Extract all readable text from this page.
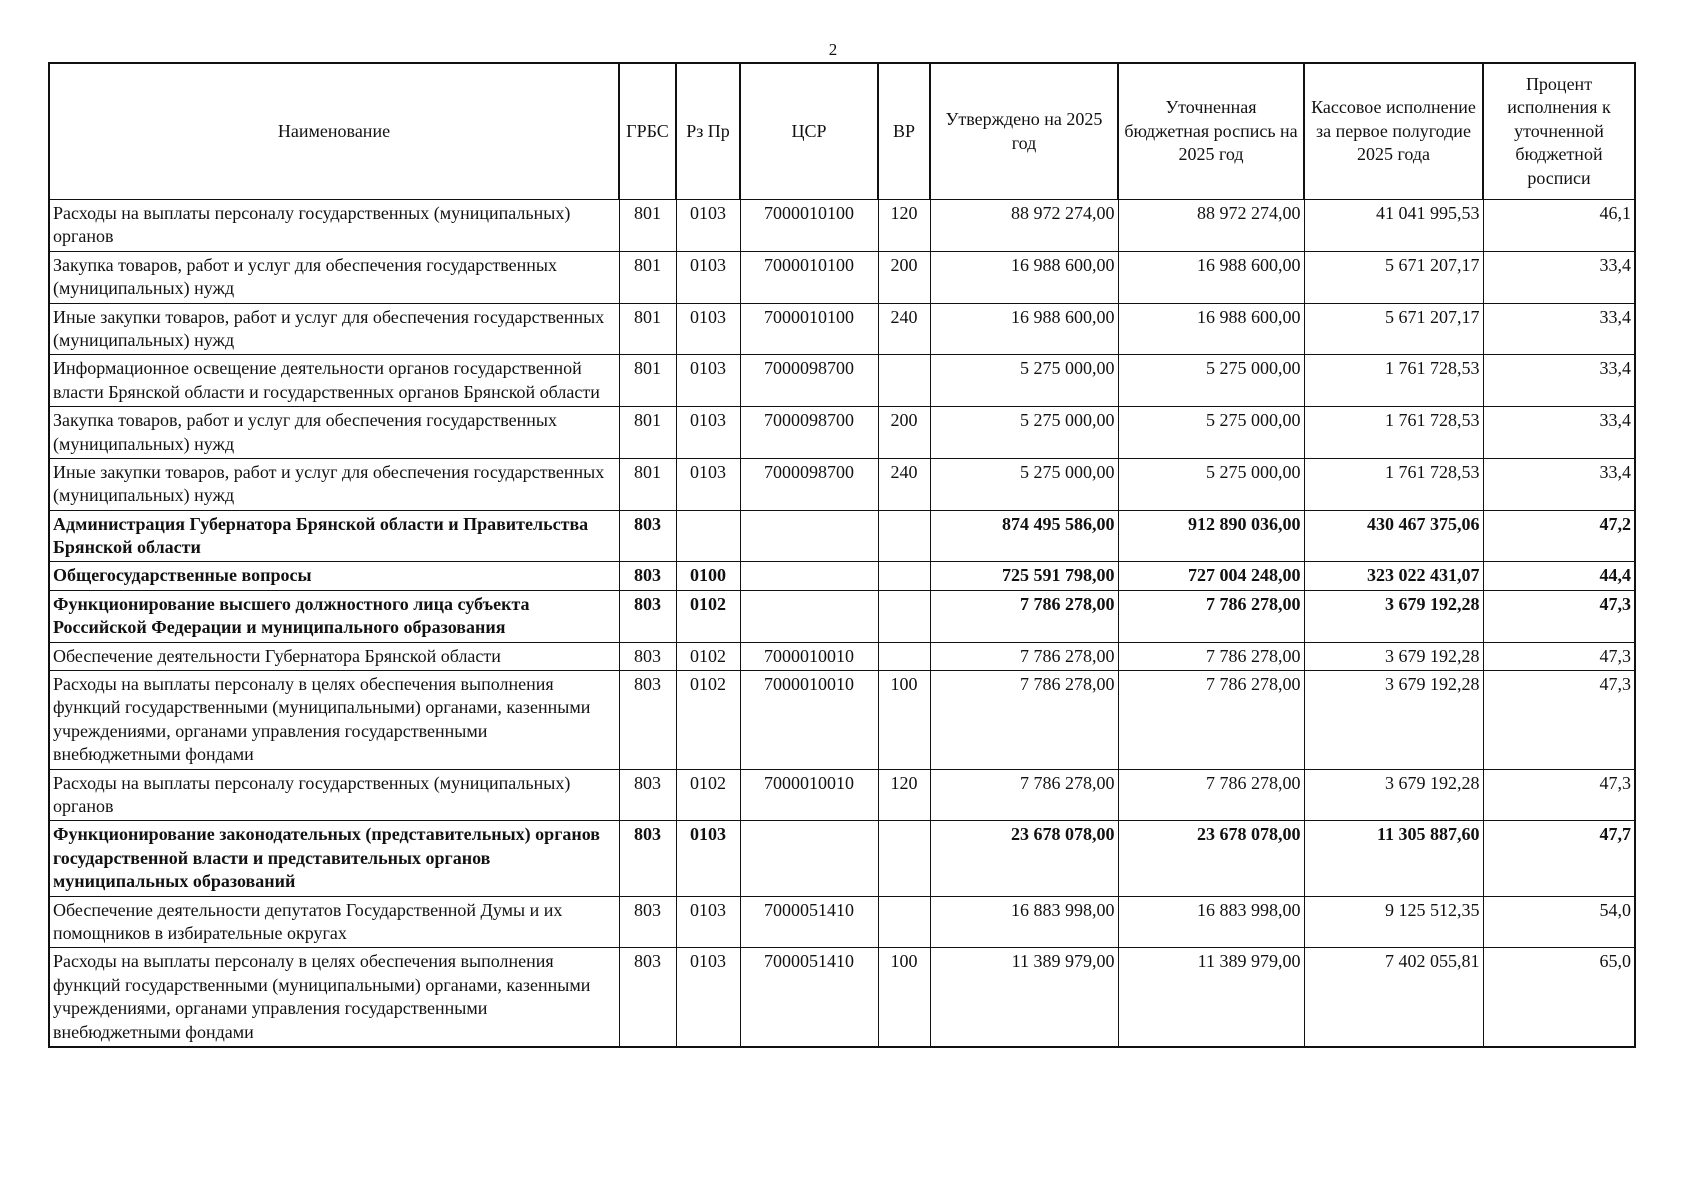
2
Наименование	ГРБС	Рз Пр	ЦСР	ВР	Утверждено на 2025 год	Уточненная бюджетная роспись на 2025 год	Кассовое исполнение за первое полугодие 2025 года	Процент исполнения к уточненной бюджетной росписи
Расходы на выплаты персоналу государственных (муниципальных) органов	801	0103	7000010100	120	88 972 274,00	88 972 274,00	41 041 995,53	46,1
Закупка товаров, работ и услуг для обеспечения государственных (муниципальных) нужд	801	0103	7000010100	200	16 988 600,00	16 988 600,00	5 671 207,17	33,4
Иные закупки товаров, работ и услуг для обеспечения государственных (муниципальных) нужд	801	0103	7000010100	240	16 988 600,00	16 988 600,00	5 671 207,17	33,4
Информационное освещение деятельности органов государственной власти Брянской области и государственных органов Брянской области	801	0103	7000098700		5 275 000,00	5 275 000,00	1 761 728,53	33,4
Закупка товаров, работ и услуг для обеспечения государственных (муниципальных) нужд	801	0103	7000098700	200	5 275 000,00	5 275 000,00	1 761 728,53	33,4
Иные закупки товаров, работ и услуг для обеспечения государственных (муниципальных) нужд	801	0103	7000098700	240	5 275 000,00	5 275 000,00	1 761 728,53	33,4
Администрация Губернатора Брянской области и Правительства Брянской области	803				874 495 586,00	912 890 036,00	430 467 375,06	47,2
Общегосударственные вопросы	803	0100			725 591 798,00	727 004 248,00	323 022 431,07	44,4
Функционирование высшего должностного лица субъекта Российской Федерации и муниципального образования	803	0102			7 786 278,00	7 786 278,00	3 679 192,28	47,3
Обеспечение деятельности Губернатора Брянской области	803	0102	7000010010		7 786 278,00	7 786 278,00	3 679 192,28	47,3
Расходы на выплаты персоналу в целях обеспечения выполнения функций государственными (муниципальными) органами, казенными учреждениями, органами управления государственными внебюджетными фондами	803	0102	7000010010	100	7 786 278,00	7 786 278,00	3 679 192,28	47,3
Расходы на выплаты персоналу государственных (муниципальных) органов	803	0102	7000010010	120	7 786 278,00	7 786 278,00	3 679 192,28	47,3
Функционирование законодательных (представительных) органов государственной власти и представительных органов муниципальных образований	803	0103			23 678 078,00	23 678 078,00	11 305 887,60	47,7
Обеспечение деятельности депутатов Государственной Думы и их помощников в избирательные округах	803	0103	7000051410		16 883 998,00	16 883 998,00	9 125 512,35	54,0
Расходы на выплаты персоналу в целях обеспечения выполнения функций государственными (муниципальными) органами, казенными учреждениями, органами управления государственными внебюджетными фондами	803	0103	7000051410	100	11 389 979,00	11 389 979,00	7 402 055,81	65,0
